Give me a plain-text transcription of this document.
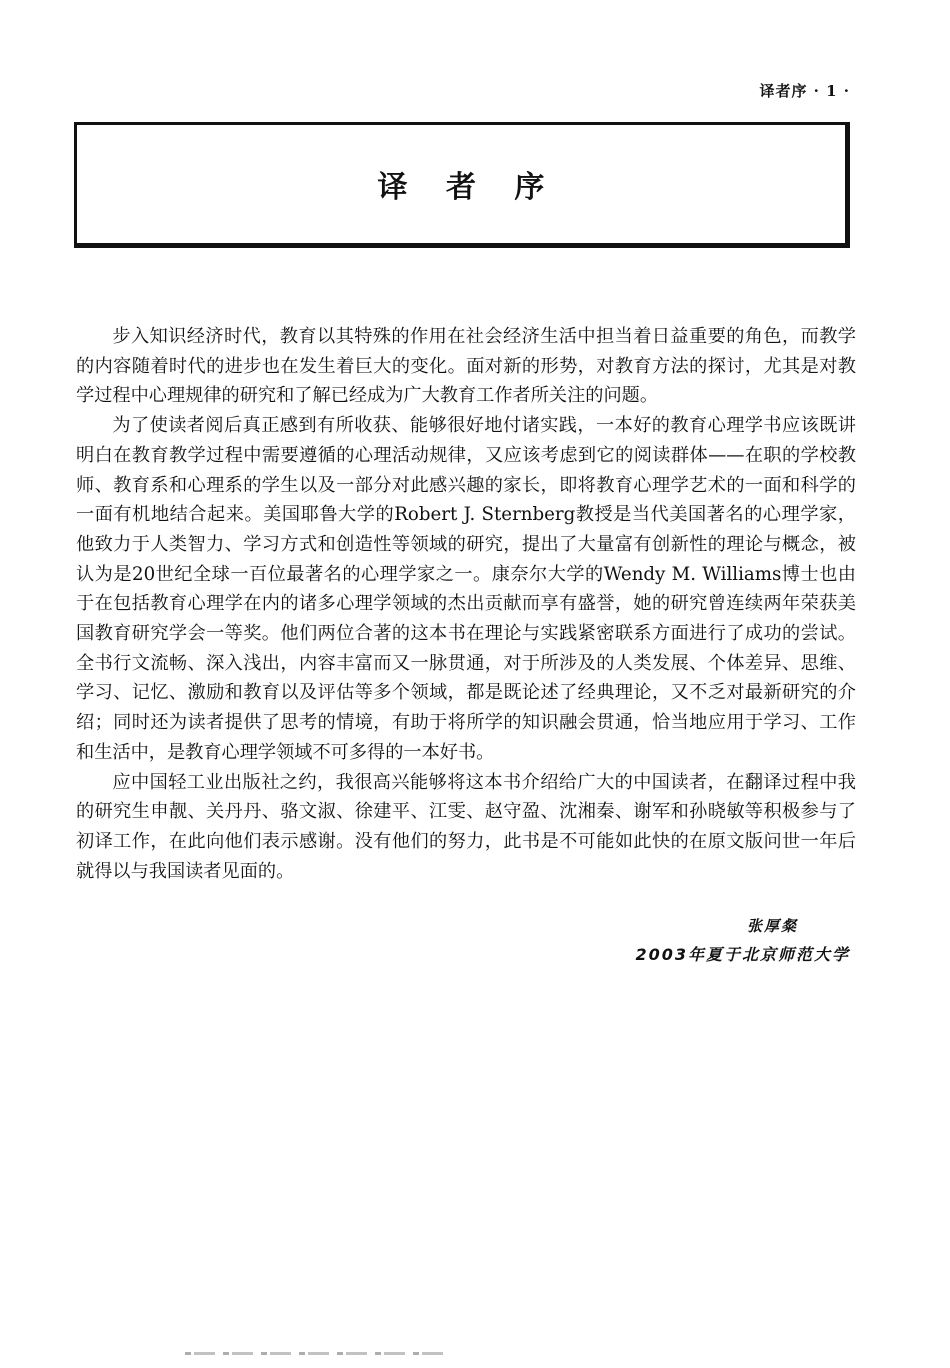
译者序 · 1 ·
译 者 序

步入知识经济时代，教育以其特殊的作用在社会经济生活中担当着日益重要的角色，而教学的内容随着时代的进步也在发生着巨大的变化。面对新的形势，对教育方法的探讨，尤其是对教学过程中心理规律的研究和了解已经成为广大教育工作者所关注的问题。

为了使读者阅后真正感到有所收获、能够很好地付诸实践，一本好的教育心理学书应该既讲明白在教育教学过程中需要遵循的心理活动规律，又应该考虑到它的阅读群体——在职的学校教师、教育系和心理系的学生以及一部分对此感兴趣的家长，即将教育心理学艺术的一面和科学的一面有机地结合起来。美国耶鲁大学的Robert J. Sternberg教授是当代美国著名的心理学家，他致力于人类智力、学习方式和创造性等领域的研究，提出了大量富有创新性的理论与概念，被认为是20世纪全球一百位最著名的心理学家之一。康奈尔大学的Wendy M. Williams博士也由于在包括教育心理学在内的诸多心理学领域的杰出贡献而享有盛誉，她的研究曾连续两年荣获美国教育研究学会一等奖。他们两位合著的这本书在理论与实践紧密联系方面进行了成功的尝试。全书行文流畅、深入浅出，内容丰富而又一脉贯通，对于所涉及的人类发展、个体差异、思维、学习、记忆、激励和教育以及评估等多个领域，都是既论述了经典理论，又不乏对最新研究的介绍；同时还为读者提供了思考的情境，有助于将所学的知识融会贯通，恰当地应用于学习、工作和生活中，是教育心理学领域不可多得的一本好书。

应中国轻工业出版社之约，我很高兴能够将这本书介绍给广大的中国读者，在翻译过程中我的研究生申靓、关丹丹、骆文淑、徐建平、江雯、赵守盈、沈湘秦、谢军和孙晓敏等积极参与了初译工作，在此向他们表示感谢。没有他们的努力，此书是不可能如此快的在原文版问世一年后就得以与我国读者见面的。

张厚粲
2003年夏于北京师范大学
